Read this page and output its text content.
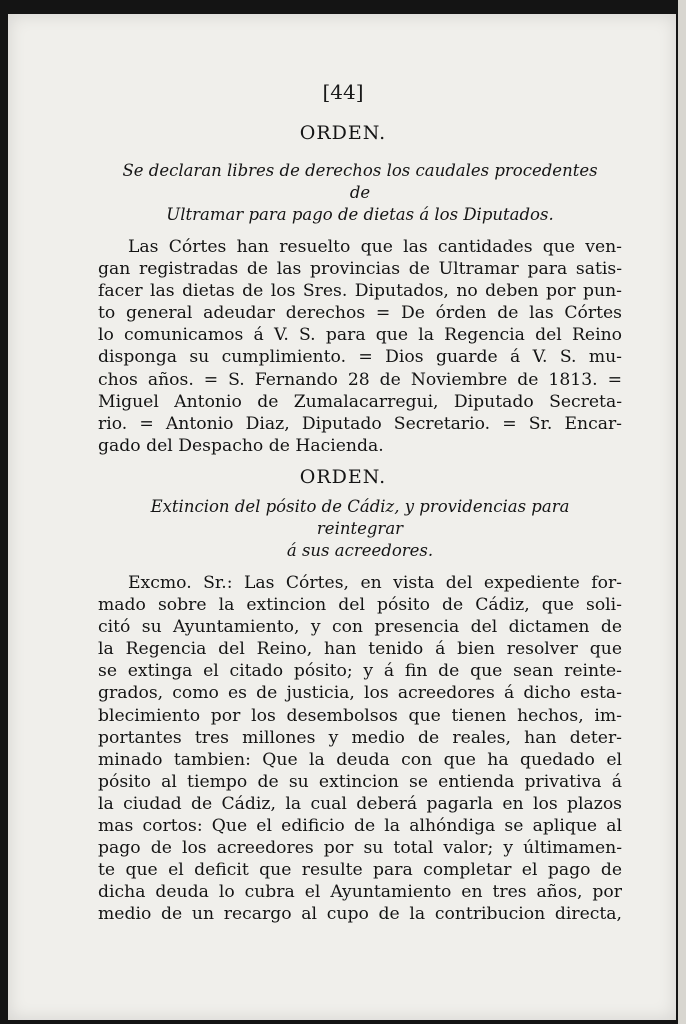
[44]
ORDEN.
Se declaran libres de derechos los caudales procedentes de
Ultramar para pago de dietas á los Diputados.
Las Córtes han resuelto que las cantidades que ven-
gan registradas de las provincias de Ultramar para satis-
facer las dietas de los Sres. Diputados, no deben por pun-
to general adeudar derechos = De órden de las Córtes
lo comunicamos á V. S. para que la Regencia del Reino
disponga su cumplimiento. = Dios guarde á V. S. mu-
chos años. = S. Fernando 28 de Noviembre de 1813. =
Miguel Antonio de Zumalacarregui, Diputado Secreta-
rio. = Antonio Diaz, Diputado Secretario. = Sr. Encar-
gado del Despacho de Hacienda.
ORDEN.
Extincion del pósito de Cádiz, y providencias para reintegrar
á sus acreedores.
Excmo. Sr.: Las Córtes, en vista del expediente for-
mado sobre la extincion del pósito de Cádiz, que soli-
citó su Ayuntamiento, y con presencia del dictamen de
la Regencia del Reino, han tenido á bien resolver que
se extinga el citado pósito; y á fin de que sean reinte-
grados, como es de justicia, los acreedores á dicho esta-
blecimiento por los desembolsos que tienen hechos, im-
portantes tres millones y medio de reales, han deter-
minado tambien: Que la deuda con que ha quedado el
pósito al tiempo de su extincion se entienda privativa á
la ciudad de Cádiz, la cual deberá pagarla en los plazos
mas cortos: Que el edificio de la alhóndiga se aplique al
pago de los acreedores por su total valor; y últimamen-
te que el deficit que resulte para completar el pago de
dicha deuda lo cubra el Ayuntamiento en tres años, por
medio de un recargo al cupo de la contribucion directa,
